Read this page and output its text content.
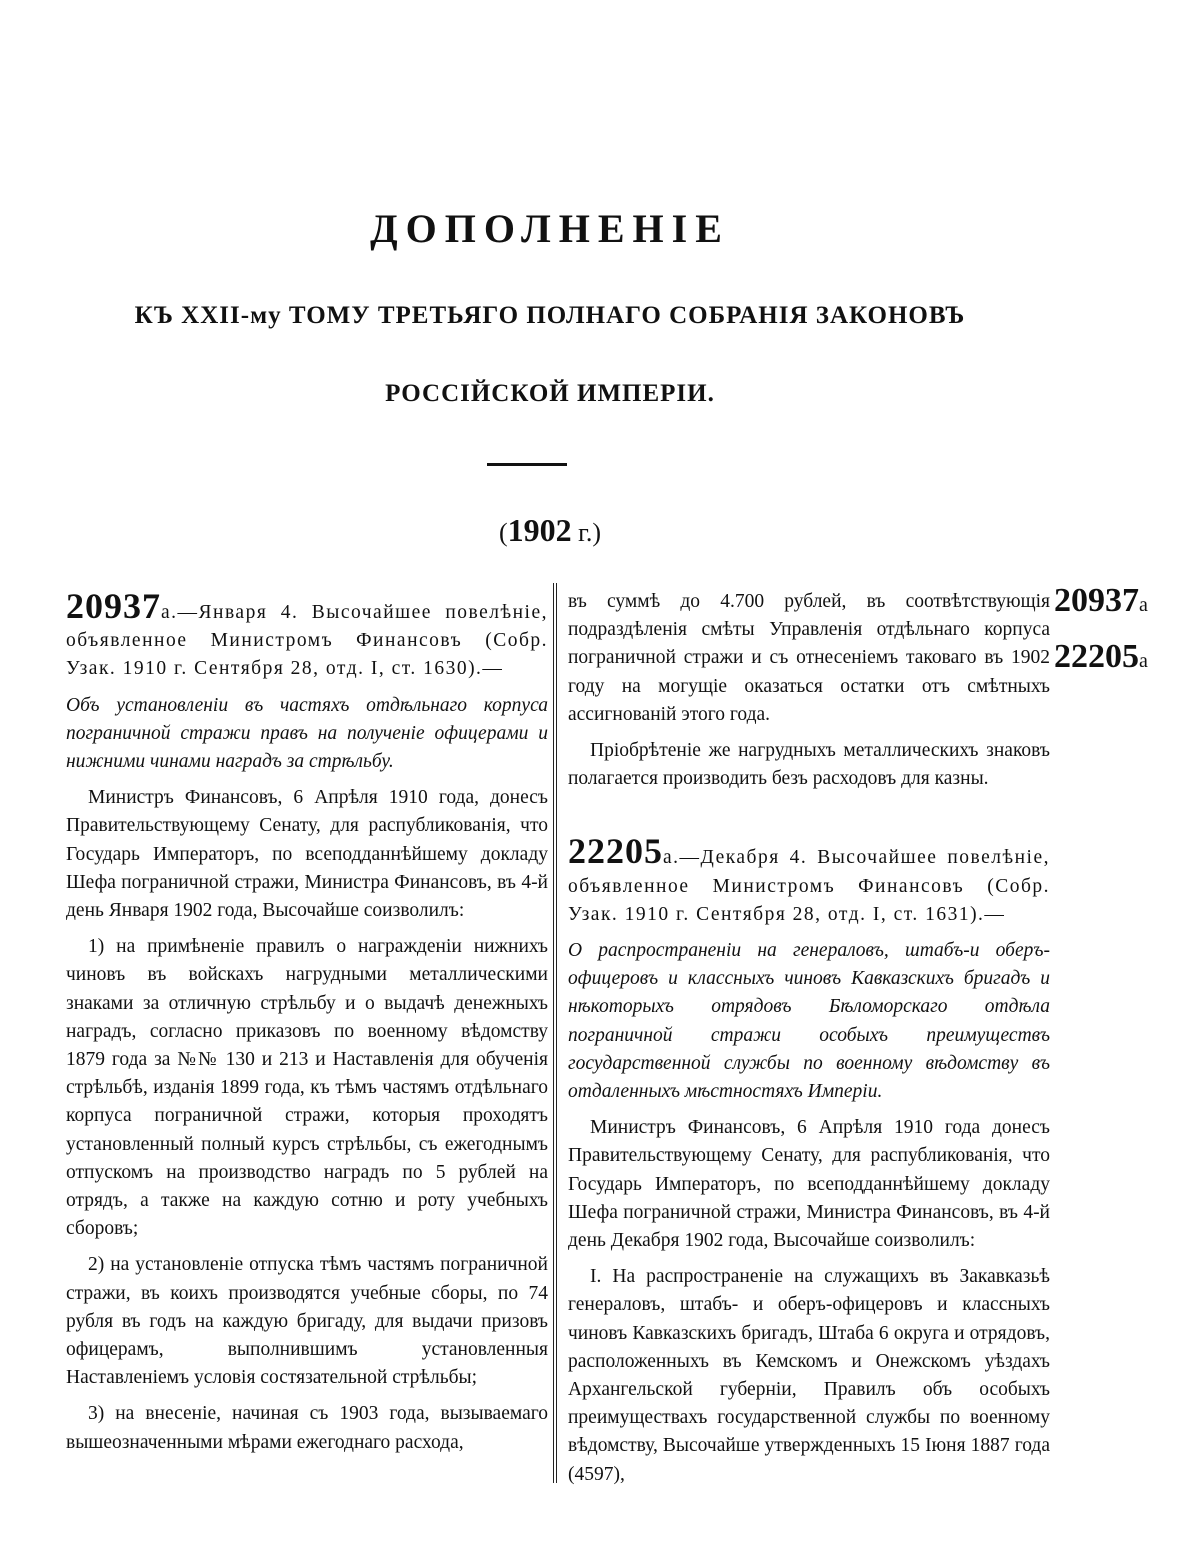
ДОПОЛНЕНІЕ
КЪ XXII-му ТОМУ ТРЕТЬЯГО ПОЛНАГО СОБРАНІЯ ЗАКОНОВЪ
РОССІЙСКОЙ ИМПЕРІИ.
(1902 г.)

20937а.—Января 4. Высочайшее повелѣніе, объявленное Министромъ Финансовъ (Собр. Узак. 1910 г. Сентября 28, отд. I, ст. 1630).—

Объ установленіи въ частяхъ отдѣльнаго корпуса пограничной стражи правъ на полученіе офицерами и нижними чинами наградъ за стрѣльбу.

Министръ Финансовъ, 6 Апрѣля 1910 года, донесъ Правительствующему Сенату, для распубликованія, что Государь Императоръ, по всеподданнѣйшему докладу Шефа пограничной стражи, Министра Финансовъ, въ 4-й день Января 1902 года, Высочайше соизволилъ:

1) на примѣненіе правилъ о награжденіи нижнихъ чиновъ въ войскахъ нагрудными металлическими знаками за отличную стрѣльбу и о выдачѣ денежныхъ наградъ, согласно приказовъ по военному вѣдомству 1879 года за №№ 130 и 213 и Наставленія для обученія стрѣльбѣ, изданія 1899 года, къ тѣмъ частямъ отдѣльнаго корпуса пограничной стражи, которыя проходятъ установленный полный курсъ стрѣльбы, съ ежегоднымъ отпускомъ на производство наградъ по 5 рублей на отрядъ, а также на каждую сотню и роту учебныхъ сборовъ;

2) на установленіе отпуска тѣмъ частямъ пограничной стражи, въ коихъ производятся учебные сборы, по 74 рубля въ годъ на каждую бригаду, для выдачи призовъ офицерамъ, выполнившимъ установленныя Наставленіемъ условія состязательной стрѣльбы;

3) на внесеніе, начиная съ 1903 года, вызываемаго вышеозначенными мѣрами ежегоднаго расхода,

въ суммѣ до 4.700 рублей, въ соотвѣтствующія подраздѣленія смѣты Управленія отдѣльнаго корпуса пограничной стражи и съ отнесеніемъ таковаго въ 1902 году на могущіе оказаться остатки отъ смѣтныхъ ассигнованій этого года.

Пріобрѣтеніе же нагрудныхъ металлическихъ знаковъ полагается производить безъ расходовъ для казны.

22205а.—Декабря 4. Высочайшее повелѣніе, объявленное Министромъ Финансовъ (Собр. Узак. 1910 г. Сентября 28, отд. I, ст. 1631).—

О распространеніи на генераловъ, штабъ-и оберъ-офицеровъ и классныхъ чиновъ Кавказскихъ бригадъ и нѣкоторыхъ отрядовъ Бѣломорскаго отдѣла пограничной стражи особыхъ преимуществъ государственной службы по военному вѣдомству въ отдаленныхъ мѣстностяхъ Имперіи.

Министръ Финансовъ, 6 Апрѣля 1910 года донесъ Правительствующему Сенату, для распубликованія, что Государь Императоръ, по всеподданнѣйшему докладу Шефа пограничной стражи, Министра Финансовъ, въ 4-й день Декабря 1902 года, Высочайше соизволилъ:

I. На распространеніе на служащихъ въ Закавказьѣ генераловъ, штабъ- и оберъ-офицеровъ и классныхъ чиновъ Кавказскихъ бригадъ, Штаба 6 округа и отрядовъ, расположенныхъ въ Кемскомъ и Онежскомъ уѣздахъ Архангельской губерніи, Правилъ объ особыхъ преимуществахъ государственной службы по военному вѣдомству, Высочайше утвержденныхъ 15 Іюня 1887 года (4597),

20937а
22205а
